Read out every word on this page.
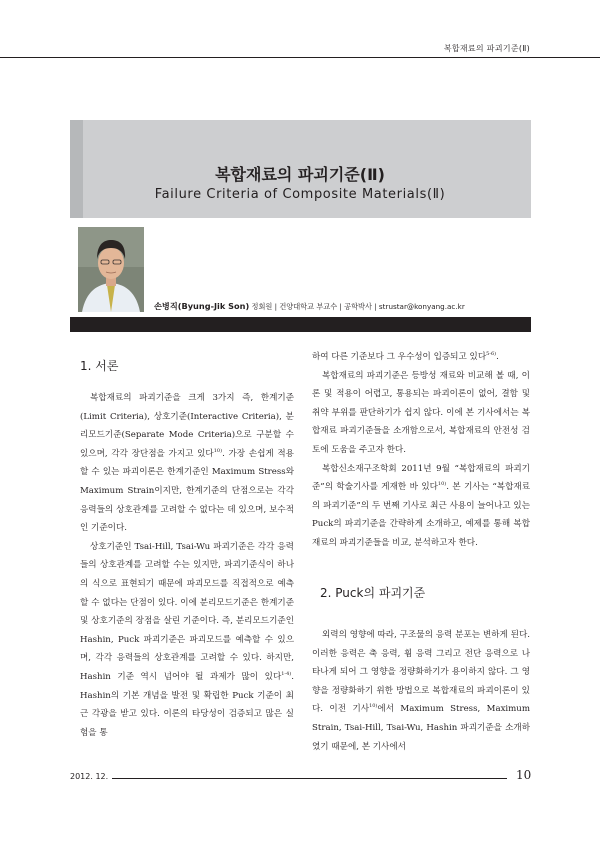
복합재료의 파괴기준(Ⅱ)
복합재료의 파괴기준(Ⅱ)
Failure Criteria of Composite Materials(Ⅱ)
손병직(Byung-Jik Son) 정회원 | 건양대학교 부교수 | 공학박사 | strustar@konyang.ac.kr
1. 서론

복합재료의 파괴기준을 크게 3가지 즉, 한계기준(Limit Criteria), 상호기준(Interactive Criteria), 분리모드기준(Separate Mode Criteria)으로 구분할 수 있으며, 각각 장단점을 가지고 있다$^{10)}$. 가장 손쉽게 적용할 수 있는 파괴이론은 한계기준인 Maximum Stress와 Maximum Strain이지만, 한계기준의 단점으로는 각각 응력들의 상호관계를 고려할 수 없다는 데 있으며, 보수적인 기준이다.

상호기준인 Tsai-Hill, Tsai-Wu 파괴기준은 각각 응력들의 상호관계를 고려할 수는 있지만, 파괴기준식이 하나의 식으로 표현되기 때문에 파괴모드를 직접적으로 예측할 수 없다는 단점이 있다. 이에 분리모드기준은 한계기준 및 상호기준의 장점을 살린 기준이다. 즉, 분리모드기준인 Hashin, Puck 파괴기준은 파괴모드를 예측할 수 있으며, 각각 응력들의 상호관계를 고려할 수 있다. 하지만, Hashin 기준 역시 넘어야 될 과제가 많이 있다$^{1-4)}$. Hashin의 기본 개념을 발전 및 확립한 Puck 기준이 최근 각광을 받고 있다. 이론의 타당성이 검증되고 많은 실험을 통

하여 다른 기준보다 그 우수성이 입증되고 있다$^{5-6)}$.

복합재료의 파괴기준은 등방성 재료와 비교해 볼 때, 이론 및 적용이 어렵고, 통용되는 파괴이론이 없어, 결함 및 취약 부위를 판단하기가 쉽지 않다. 이에 본 기사에서는 복합재료 파괴기준들을 소개함으로서, 복합재료의 안전성 검토에 도움을 주고자 한다.

복합신소재구조학회 2011년 9월 “복합재료의 파괴기준”의 학술기사를 게재한 바 있다$^{10)}$. 본 기사는 “복합재료의 파괴기준”의 두 번째 기사로 최근 사용이 늘어나고 있는 Puck의 파괴기준을 간략하게 소개하고, 예제를 통해 복합재료의 파괴기준들을 비교, 분석하고자 한다.

2. Puck의 파괴기준

외력의 영향에 따라, 구조물의 응력 분포는 변하게 된다. 이러한 응력은 축 응력, 휨 응력 그리고 전단 응력으로 나타나게 되어 그 영향을 정량화하기가 용이하지 않다. 그 영향을 정량화하기 위한 방법으로 복합재료의 파괴이론이 있다. 이전 기사$^{10)}$에서 Maximum Stress, Maximum Strain, Tsai-Hill, Tsai-Wu, Hashin 파괴기준을 소개하였기 때문에, 본 기사에서

2012. 12.	10
